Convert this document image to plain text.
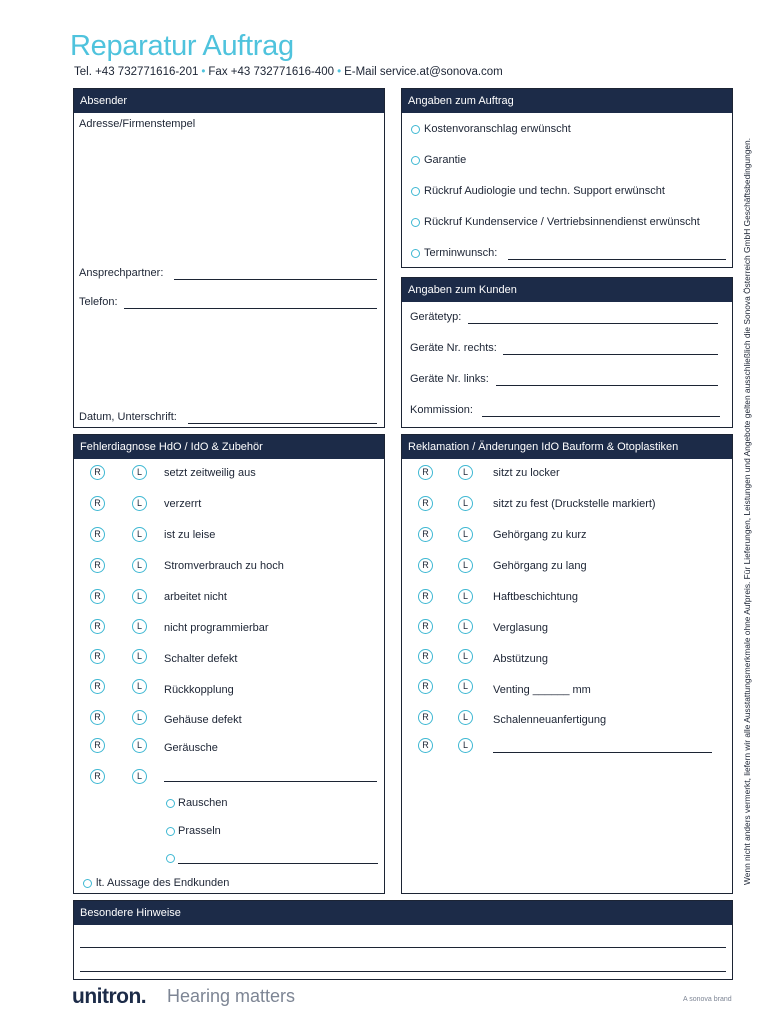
Reparatur Auftrag
Tel. +43 732771616-201 • Fax +43 732771616-400 • E-Mail service.at@sonova.com
Absender
Adresse/Firmenstempel
Ansprechpartner:
Telefon:
Datum, Unterschrift:
Angaben zum Auftrag
Kostenvoranschlag erwünscht
Garantie
Rückruf Audiologie und techn. Support erwünscht
Rückruf Kundenservice / Vertriebsinnendienst erwünscht
Terminwunsch:
Angaben zum Kunden
Gerätetyp:
Geräte Nr. rechts:
Geräte Nr. links:
Kommission:
Fehlerdiagnose HdO / IdO & Zubehör
R	L	setzt zeitweilig aus
R	L	verzerrt
R	L	ist zu leise
R	L	Stromverbrauch zu hoch
R	L	arbeitet nicht
R	L	nicht programmierbar
R	L	Schalter defekt
R	L	Rückkopplung
R	L	Gehäuse defekt
R	L	Geräusche
R	L
Rauschen
Prasseln
lt. Aussage des Endkunden
Reklamation / Änderungen IdO Bauform & Otoplastiken
R	L	sitzt zu locker
R	L	sitzt zu fest (Druckstelle markiert)
R	L	Gehörgang zu kurz
R	L	Gehörgang zu lang
R	L	Haftbeschichtung
R	L	Verglasung
R	L	Abstützung
R	L	Venting ______ mm
R	L	Schalenneuanfertigung
R	L
Besondere Hinweise
Wenn nicht anders vermerkt, liefern wir alle Ausstattungsmerkmale ohne Aufpreis. Für Lieferungen, Leistungen und Angebote gelten ausschließlich die Sonova Österreich GmbH Geschäftsbedingungen.
unitron. Hearing matters	A sonova brand
